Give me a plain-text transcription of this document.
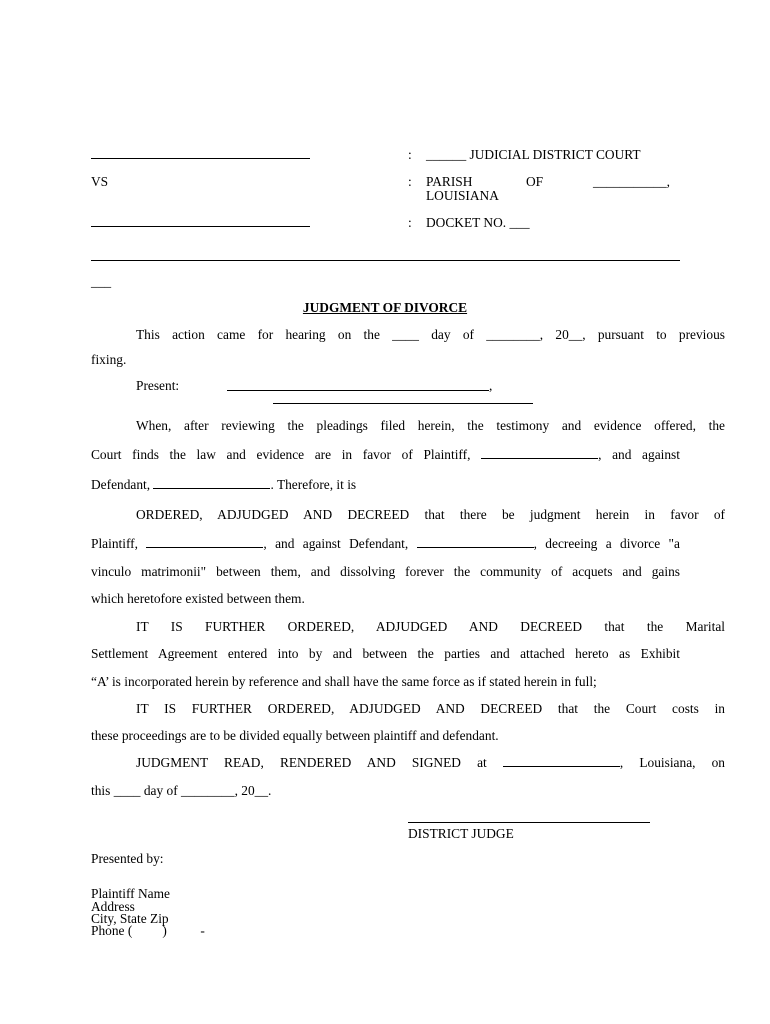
: ______ JUDICIAL DISTRICT COURT
VS	: PARISH	OF	___________,
LOUISIANA
: DOCKET NO. ___
___
JUDGMENT OF DIVORCE
This action came for hearing on the ____ day of ________, 20__, pursuant to previous
fixing.
Present:	,
When, after reviewing the pleadings filed herein, the testimony and evidence offered, the
Court finds the law and evidence are in favor of Plaintiff,	, and against
Defendant,	. Therefore, it is
ORDERED, ADJUDGED AND DECREED that there be judgment herein in favor of
Plaintiff,	, and against Defendant,	, decreeing a divorce "a
vinculo matrimonii" between them, and dissolving forever the community of acquets and gains
which heretofore existed between them.
IT IS FURTHER ORDERED, ADJUDGED AND DECREED that the Marital
Settlement Agreement entered into by and between the parties and attached hereto as Exhibit
“A’ is incorporated herein by reference and shall have the same force as if stated herein in full;
IT IS FURTHER ORDERED, ADJUDGED AND DECREED that the Court costs in
these proceedings are to be divided equally between plaintiff and defendant.
JUDGMENT READ, RENDERED AND SIGNED at	, Louisiana, on
this ____ day of ________, 20__.
DISTRICT JUDGE
Presented by:
Plaintiff Name
Address
City, State Zip
Phone (         )          -
